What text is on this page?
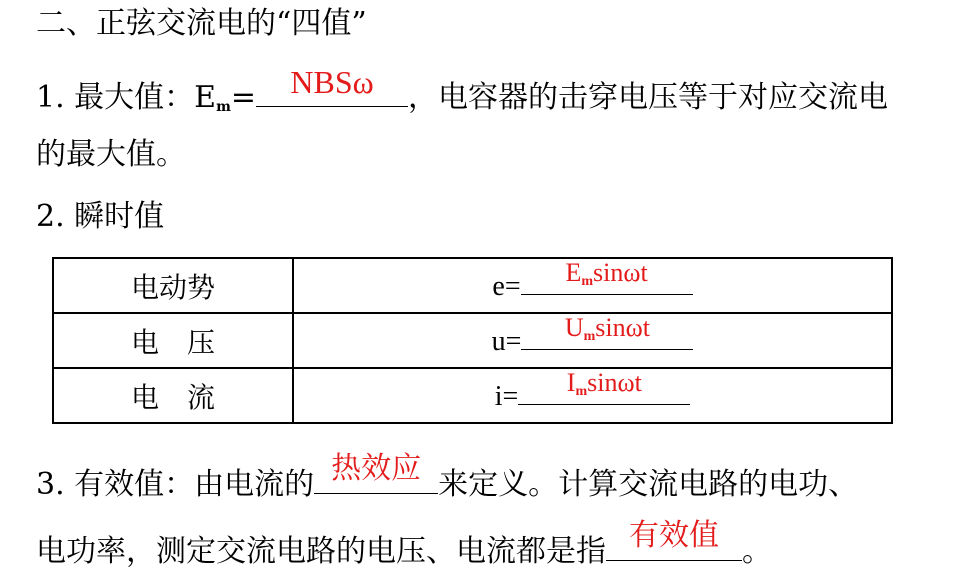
二、正弦交流电的“四值”
1. 最大值：$E_m=$	NBSω	，电容器的击穿电压等于对应交流电
的最大值。
2. 瞬时值
电动势	$e= E_m\sin\omega t$

电　压	$u= U_m\sin\omega t$

电　流	$i= I_m\sin\omega t$
3. 有效值：由电流的 热效应 来定义。计算交流电路的电功、
电功率，测定交流电路的电压、电流都是指 有效值 。
